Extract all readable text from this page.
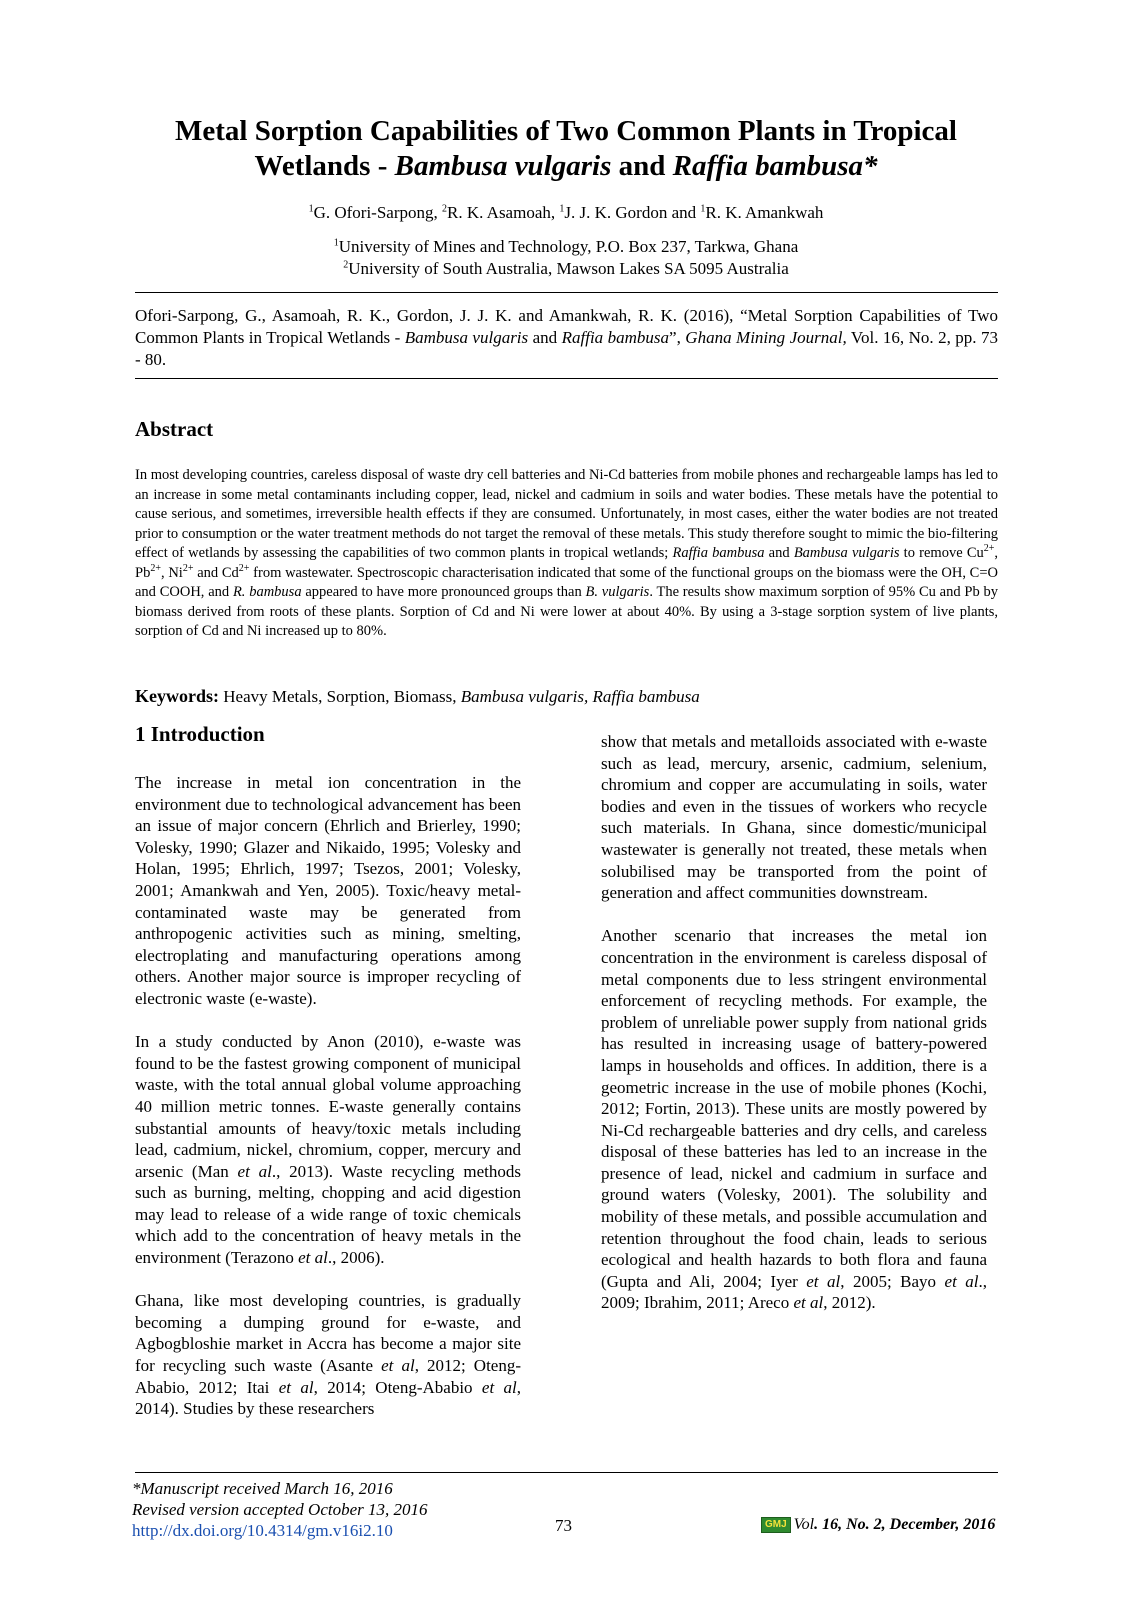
Metal Sorption Capabilities of Two Common Plants in Tropical
Wetlands - Bambusa vulgaris and Raffia bambusa*
$^1$G. Ofori-Sarpong, $^2$R. K. Asamoah, $^1$J. J. K. Gordon and $^1$R. K. Amankwah
$^1$University of Mines and Technology, P.O. Box 237, Tarkwa, Ghana
$^2$University of South Australia, Mawson Lakes SA 5095 Australia
Ofori-Sarpong, G., Asamoah, R. K., Gordon, J. J. K. and Amankwah, R. K. (2016), “Metal Sorption Capabilities of Two Common Plants in Tropical Wetlands - Bambusa vulgaris and Raffia bambusa”, Ghana Mining Journal, Vol. 16, No. 2, pp. 73 - 80.
Abstract
In most developing countries, careless disposal of waste dry cell batteries and Ni-Cd batteries from mobile phones and rechargeable lamps has led to an increase in some metal contaminants including copper, lead, nickel and cadmium in soils and water bodies. These metals have the potential to cause serious, and sometimes, irreversible health effects if they are consumed. Unfortunately, in most cases, either the water bodies are not treated prior to consumption or the water treatment methods do not target the removal of these metals. This study therefore sought to mimic the bio-filtering effect of wetlands by assessing the capabilities of two common plants in tropical wetlands; Raffia bambusa and Bambusa vulgaris to remove $Cu^{2+}$, $Pb^{2+}$, $Ni^{2+}$ and $Cd^{2+}$ from wastewater. Spectroscopic characterisation indicated that some of the functional groups on the biomass were the OH, C=O and COOH, and R. bambusa appeared to have more pronounced groups than B. vulgaris. The results show maximum sorption of 95% Cu and Pb by biomass derived from roots of these plants. Sorption of Cd and Ni were lower at about 40%. By using a 3-stage sorption system of live plants, sorption of Cd and Ni increased up to 80%.
Keywords: Heavy Metals, Sorption, Biomass, Bambusa vulgaris, Raffia bambusa
1 Introduction

The increase in metal ion concentration in the environment due to technological advancement has been an issue of major concern (Ehrlich and Brierley, 1990; Volesky, 1990; Glazer and Nikaido, 1995; Volesky and Holan, 1995; Ehrlich, 1997; Tsezos, 2001; Volesky, 2001; Amankwah and Yen, 2005). Toxic/heavy metal-contaminated waste may be generated from anthropogenic activities such as mining, smelting, electroplating and manufacturing operations among others. Another major source is improper recycling of electronic waste (e-waste).

In a study conducted by Anon (2010), e-waste was found to be the fastest growing component of municipal waste, with the total annual global volume approaching 40 million metric tonnes. E-waste generally contains substantial amounts of heavy/toxic metals including lead, cadmium, nickel, chromium, copper, mercury and arsenic (Man et al., 2013). Waste recycling methods such as burning, melting, chopping and acid digestion may lead to release of a wide range of toxic chemicals which add to the concentration of heavy metals in the environment (Terazono et al., 2006).

Ghana, like most developing countries, is gradually becoming a dumping ground for e-waste, and Agbogbloshie market in Accra has become a major site for recycling such waste (Asante et al, 2012; Oteng-Ababio, 2012; Itai et al, 2014; Oteng-Ababio et al, 2014). Studies by these researchers

show that metals and metalloids associated with e-waste such as lead, mercury, arsenic, cadmium, selenium, chromium and copper are accumulating in soils, water bodies and even in the tissues of workers who recycle such materials. In Ghana, since domestic/municipal wastewater is generally not treated, these metals when solubilised may be transported from the point of generation and affect communities downstream.

Another scenario that increases the metal ion concentration in the environment is careless disposal of metal components due to less stringent environmental enforcement of recycling methods. For example, the problem of unreliable power supply from national grids has resulted in increasing usage of battery-powered lamps in households and offices. In addition, there is a geometric increase in the use of mobile phones (Kochi, 2012; Fortin, 2013). These units are mostly powered by Ni-Cd rechargeable batteries and dry cells, and careless disposal of these batteries has led to an increase in the presence of lead, nickel and cadmium in surface and ground waters (Volesky, 2001). The solubility and mobility of these metals, and possible accumulation and retention throughout the food chain, leads to serious ecological and health hazards to both flora and fauna (Gupta and Ali, 2004; Iyer et al, 2005; Bayo et al., 2009; Ibrahim, 2011; Areco et al, 2012).

*Manuscript received March 16, 2016
Revised version accepted October 13, 2016
http://dx.doi.org/10.4314/gm.v16i2.10	73	GMJ Vol. 16, No. 2, December, 2016
